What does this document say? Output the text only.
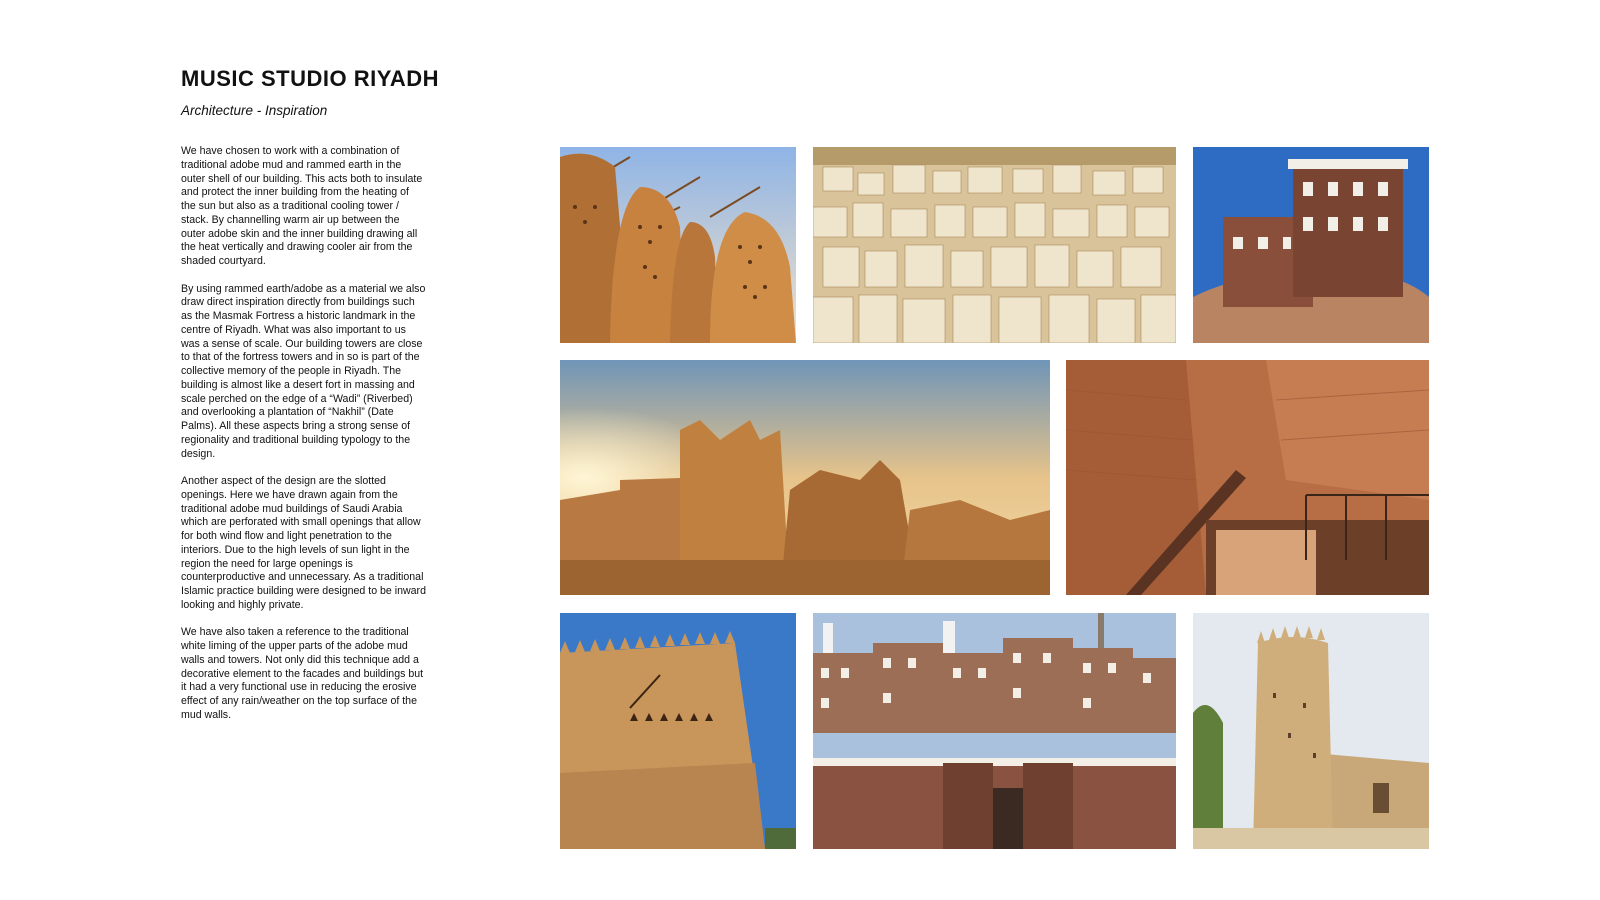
MUSIC STUDIO RIYADH

Architecture - Inspiration

We have chosen to work with a combination of traditional adobe mud and rammed earth in the outer shell of our building. This acts both to insulate and protect the inner building from the heating of the sun but also as a traditional cooling tower / stack. By channelling warm air up between the outer adobe skin and the inner building drawing all the heat vertically and drawing cooler air from the shaded courtyard.

By using rammed earth/adobe as a material we also draw direct inspiration directly from buildings such as the Masmak Fortress a historic landmark in the centre of Riyadh. What was also important to us was a sense of scale. Our building towers are close to that of the fortress towers and in so is part of the collective memory of the people in Riyadh. The building is almost like a desert fort in massing and scale perched on the edge of a “Wadi” (Riverbed) and overlooking a plantation of “Nakhil” (Date Palms). All these aspects bring a strong sense of regionality and traditional building typology to the design.

Another aspect of the design are the slotted openings. Here we have drawn again from the traditional adobe mud buildings of Saudi Arabia which are perforated with small openings that allow for both wind flow and light penetration to the interiors. Due to the high levels of sun light in the region the need for large openings is counterproductive and unnecessary. As a traditional Islamic practice building were designed to be inward looking and highly private.

We have also taken a reference to the traditional white liming of the upper parts of the adobe mud walls and towers. Not only did this technique add a decorative element to the facades and buildings but it had a very functional use in reducing the erosive effect of any rain/weather on the top surface of the mud walls.
